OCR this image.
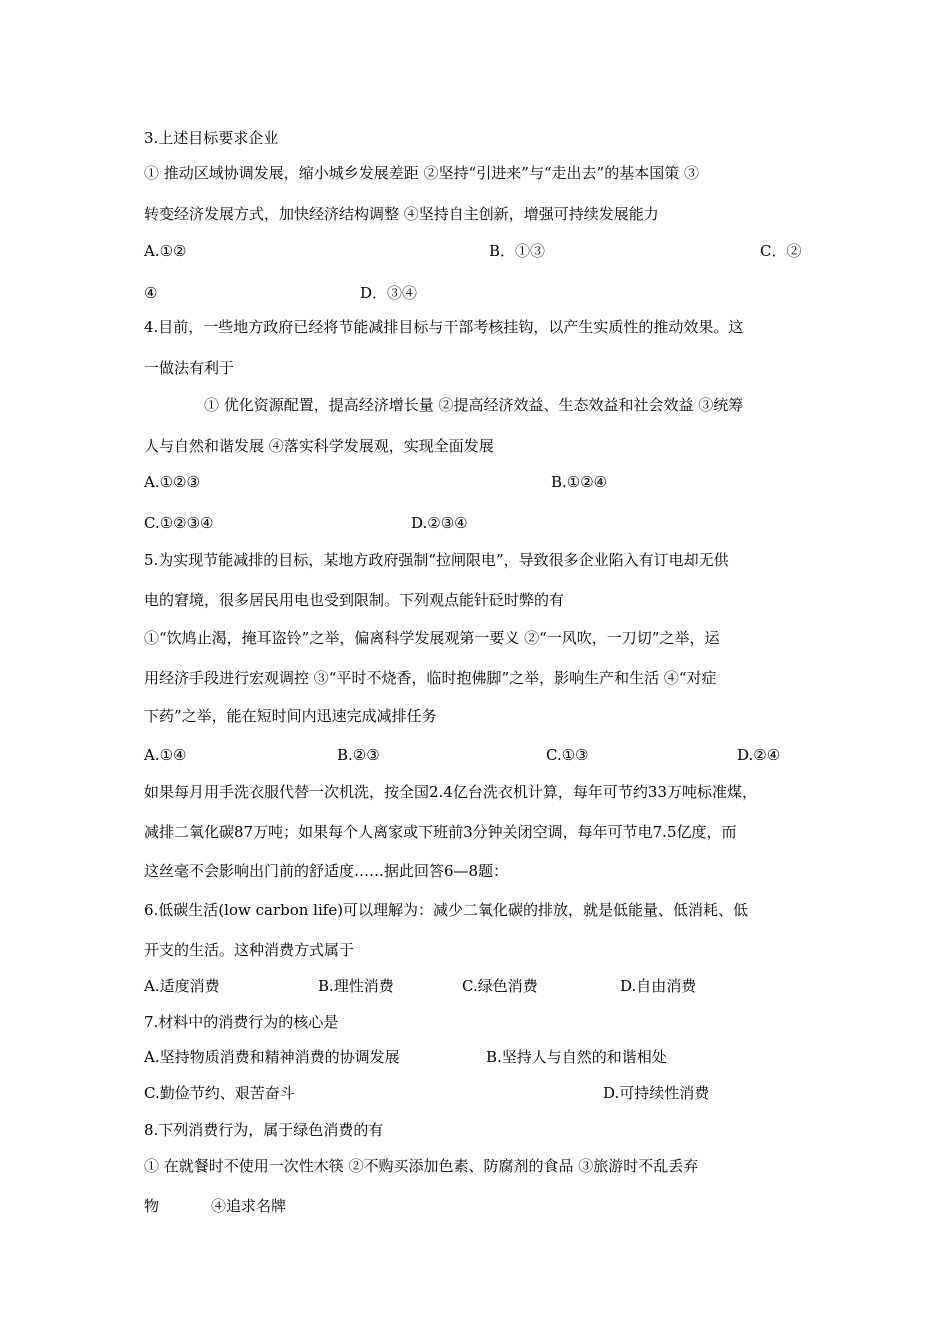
3.上述目标要求企业
① 推动区域协调发展，缩小城乡发展差距 ②坚持“引进来”与“走出去”的基本国策 ③
转变经济发展方式，加快经济结构调整 ④坚持自主创新，增强可持续发展能力
A.①②	B．①③	C．②
④	D．③④
4.目前，一些地方政府已经将节能减排目标与干部考核挂钩，以产生实质性的推动效果。这
一做法有利于
① 优化资源配置，提高经济增长量 ②提高经济效益、生态效益和社会效益 ③统筹
人与自然和谐发展 ④落实科学发展观，实现全面发展
A.①②③	B.①②④
C.①②③④	D.②③④
5.为实现节能减排的目标，某地方政府强制“拉闸限电”，导致很多企业陷入有订电却无供
电的窘境，很多居民用电也受到限制。下列观点能针砭时弊的有
①“饮鸠止渴，掩耳盗铃”之举，偏离科学发展观第一要义 ②“一风吹，一刀切”之举，运
用经济手段进行宏观调控 ③“平时不烧香，临时抱佛脚”之举，影响生产和生活 ④“对症
下药”之举，能在短时间内迅速完成减排任务
A.①④	B.②③	C.①③	D.②④
如果每月用手洗衣服代替一次机洗，按全国2.4亿台洗衣机计算，每年可节约33万吨标准煤，
减排二氧化碳87万吨；如果每个人离家或下班前3分钟关闭空调，每年可节电7.5亿度，而
这丝毫不会影响出门前的舒适度……据此回答6—8题：
6.低碳生活(low carbon life)可以理解为：减少二氧化碳的排放，就是低能量、低消耗、低
开支的生活。这种消费方式属于
A.适度消费	B.理性消费	C.绿色消费	D.自由消费
7.材料中的消费行为的核心是
A.坚持物质消费和精神消费的协调发展	B.坚持人与自然的和谐相处
C.勤俭节约、艰苦奋斗	D.可持续性消费
8.下列消费行为，属于绿色消费的有
① 在就餐时不使用一次性木筷 ②不购买添加色素、防腐剂的食品 ③旅游时不乱丢弃
物	④追求名牌
